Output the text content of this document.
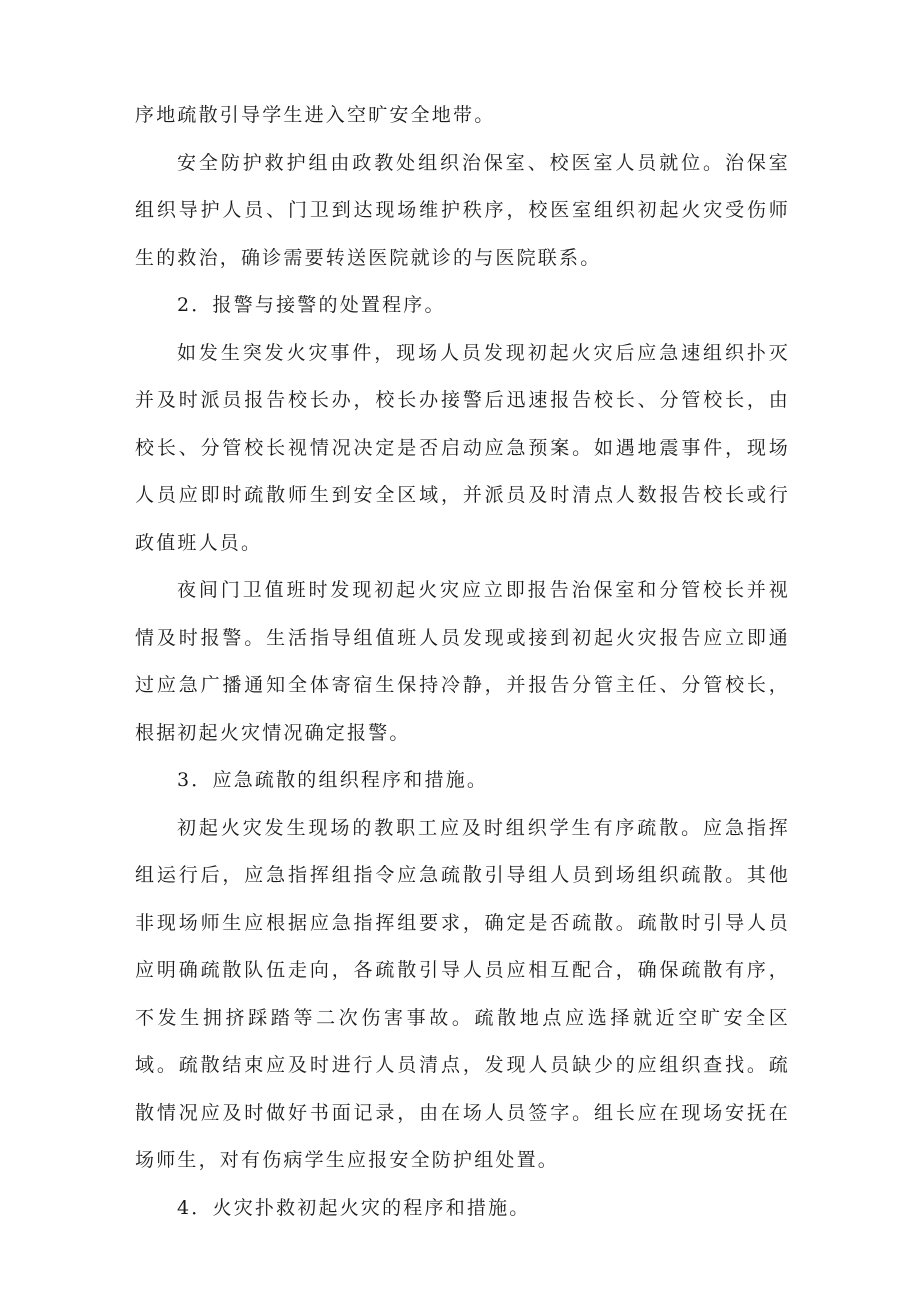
序地疏散引导学生进入空旷安全地带。

安全防护救护组由政教处组织治保室、校医室人员就位。治保室组织导护人员、门卫到达现场维护秩序，校医室组织初起火灾受伤师生的救治，确诊需要转送医院就诊的与医院联系。

2．报警与接警的处置程序。

如发生突发火灾事件，现场人员发现初起火灾后应急速组织扑灭并及时派员报告校长办，校长办接警后迅速报告校长、分管校长，由校长、分管校长视情况决定是否启动应急预案。如遇地震事件，现场人员应即时疏散师生到安全区域，并派员及时清点人数报告校长或行政值班人员。

夜间门卫值班时发现初起火灾应立即报告治保室和分管校长并视情及时报警。生活指导组值班人员发现或接到初起火灾报告应立即通过应急广播通知全体寄宿生保持冷静，并报告分管主任、分管校长，根据初起火灾情况确定报警。

3．应急疏散的组织程序和措施。

初起火灾发生现场的教职工应及时组织学生有序疏散。应急指挥组运行后，应急指挥组指令应急疏散引导组人员到场组织疏散。其他非现场师生应根据应急指挥组要求，确定是否疏散。疏散时引导人员应明确疏散队伍走向，各疏散引导人员应相互配合，确保疏散有序，不发生拥挤踩踏等二次伤害事故。疏散地点应选择就近空旷安全区域。疏散结束应及时进行人员清点，发现人员缺少的应组织查找。疏散情况应及时做好书面记录，由在场人员签字。组长应在现场安抚在场师生，对有伤病学生应报安全防护组处置。

4．火灾扑救初起火灾的程序和措施。
